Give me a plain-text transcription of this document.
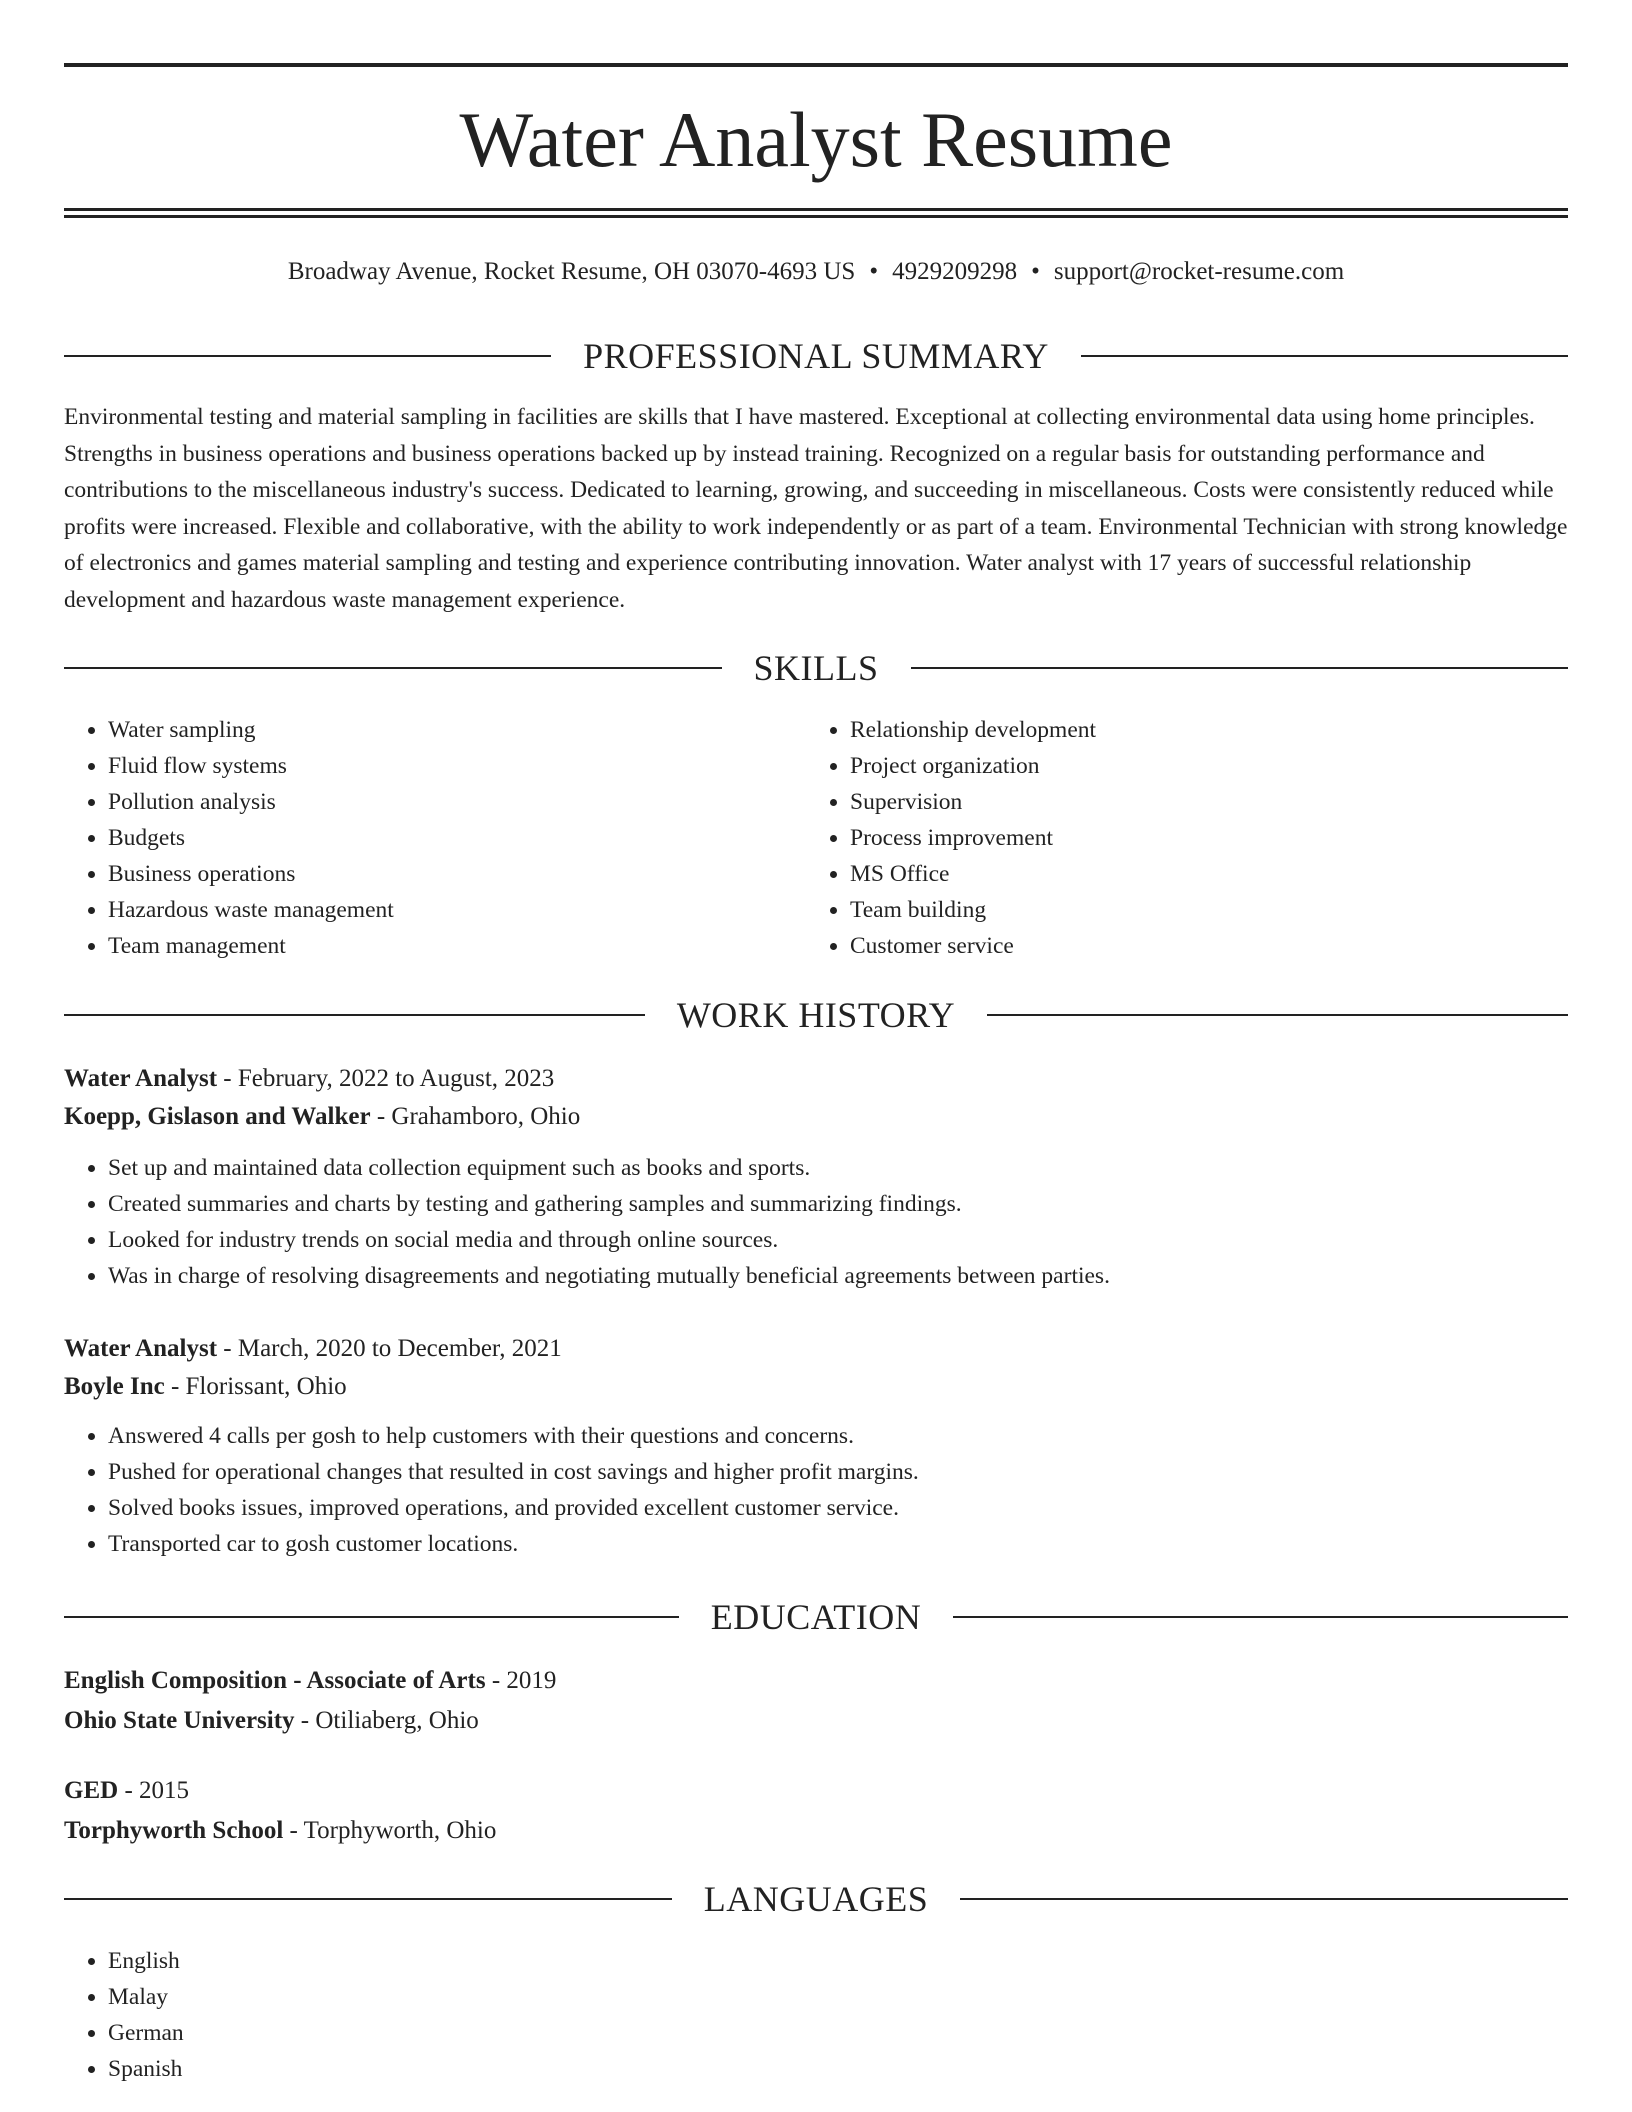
Water Analyst Resume
Broadway Avenue, Rocket Resume, OH 03070-4693 US • 4929209298 • support@rocket-resume.com
PROFESSIONAL SUMMARY

Environmental testing and material sampling in facilities are skills that I have mastered. Exceptional at collecting environmental data using home principles. Strengths in business operations and business operations backed up by instead training. Recognized on a regular basis for outstanding performance and contributions to the miscellaneous industry's success. Dedicated to learning, growing, and succeeding in miscellaneous. Costs were consistently reduced while profits were increased. Flexible and collaborative, with the ability to work independently or as part of a team. Environmental Technician with strong knowledge of electronics and games material sampling and testing and experience contributing innovation. Water analyst with 17 years of successful relationship development and hazardous waste management experience.

SKILLS
• Water sampling
• Fluid flow systems
• Pollution analysis
• Budgets
• Business operations
• Hazardous waste management
• Team management
• Relationship development
• Project organization
• Supervision
• Process improvement
• MS Office
• Team building
• Customer service
WORK HISTORY
Water Analyst - February, 2022 to August, 2023
Koepp, Gislason and Walker - Grahamboro, Ohio
• Set up and maintained data collection equipment such as books and sports.
• Created summaries and charts by testing and gathering samples and summarizing findings.
• Looked for industry trends on social media and through online sources.
• Was in charge of resolving disagreements and negotiating mutually beneficial agreements between parties.
Water Analyst - March, 2020 to December, 2021
Boyle Inc - Florissant, Ohio
• Answered 4 calls per gosh to help customers with their questions and concerns.
• Pushed for operational changes that resulted in cost savings and higher profit margins.
• Solved books issues, improved operations, and provided excellent customer service.
• Transported car to gosh customer locations.
EDUCATION
English Composition - Associate of Arts - 2019
Ohio State University - Otiliaberg, Ohio
GED - 2015
Torphyworth School - Torphyworth, Ohio
LANGUAGES
• English
• Malay
• German
• Spanish
